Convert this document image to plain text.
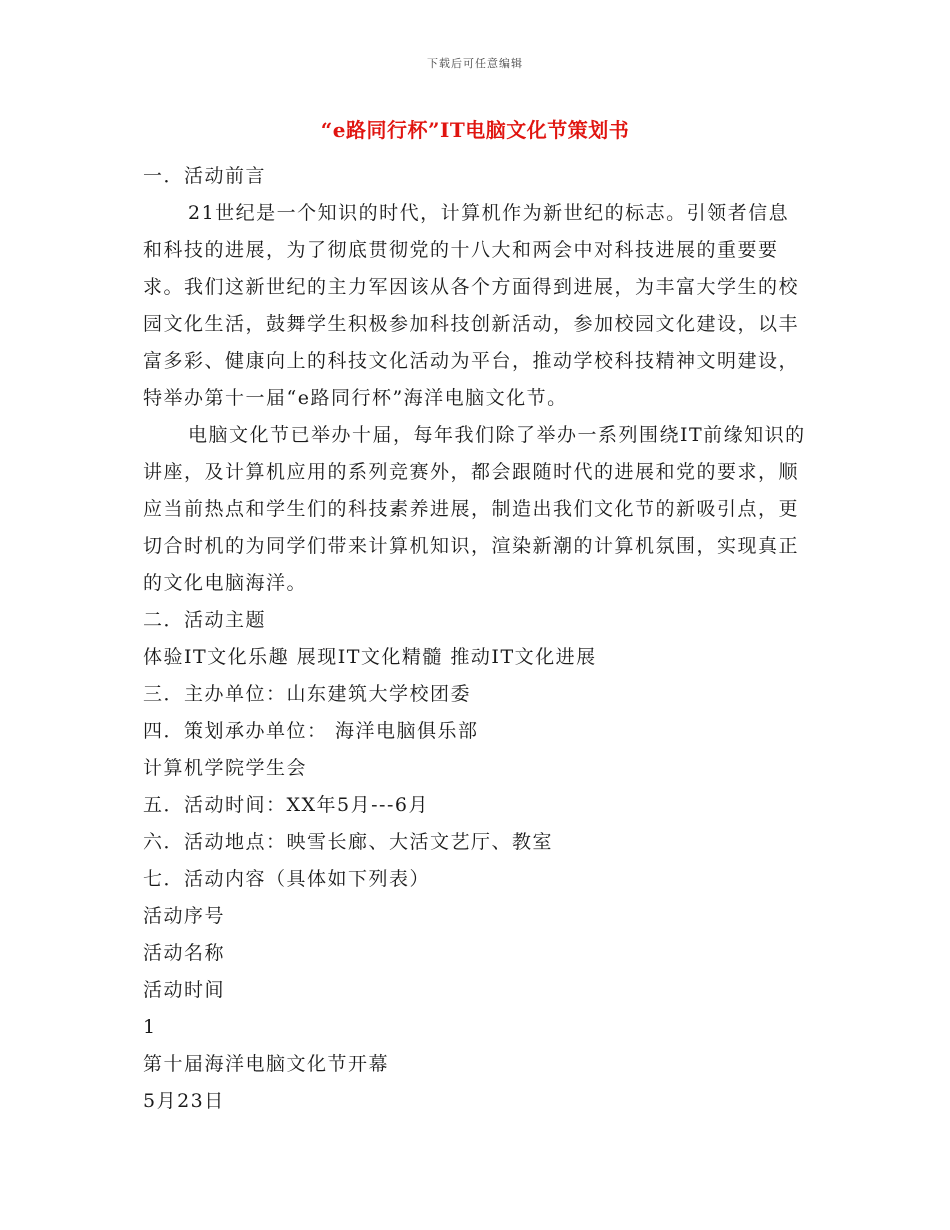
下载后可任意编辑
“e路同行杯”IT电脑文化节策划书

一．活动前言

21世纪是一个知识的时代，计算机作为新世纪的标志。引领者信息和科技的进展，为了彻底贯彻党的十八大和两会中对科技进展的重要要求。我们这新世纪的主力军因该从各个方面得到进展，为丰富大学生的校园文化生活，鼓舞学生积极参加科技创新活动，参加校园文化建设，以丰富多彩、健康向上的科技文化活动为平台，推动学校科技精神文明建设，特举办第十一届“e路同行杯”海洋电脑文化节。

电脑文化节已举办十届，每年我们除了举办一系列围绕IT前缘知识的讲座，及计算机应用的系列竞赛外，都会跟随时代的进展和党的要求，顺应当前热点和学生们的科技素养进展，制造出我们文化节的新吸引点，更切合时机的为同学们带来计算机知识，渲染新潮的计算机氛围，实现真正的文化电脑海洋。

二．活动主题

体验IT文化乐趣 展现IT文化精髓 推动IT文化进展

三．主办单位：山东建筑大学校团委

四．策划承办单位： 海洋电脑俱乐部

计算机学院学生会

五．活动时间：XX年5月---6月

六．活动地点：映雪长廊、大活文艺厅、教室

七．活动内容（具体如下列表）

活动序号

活动名称

活动时间

1

第十届海洋电脑文化节开幕

5月23日
